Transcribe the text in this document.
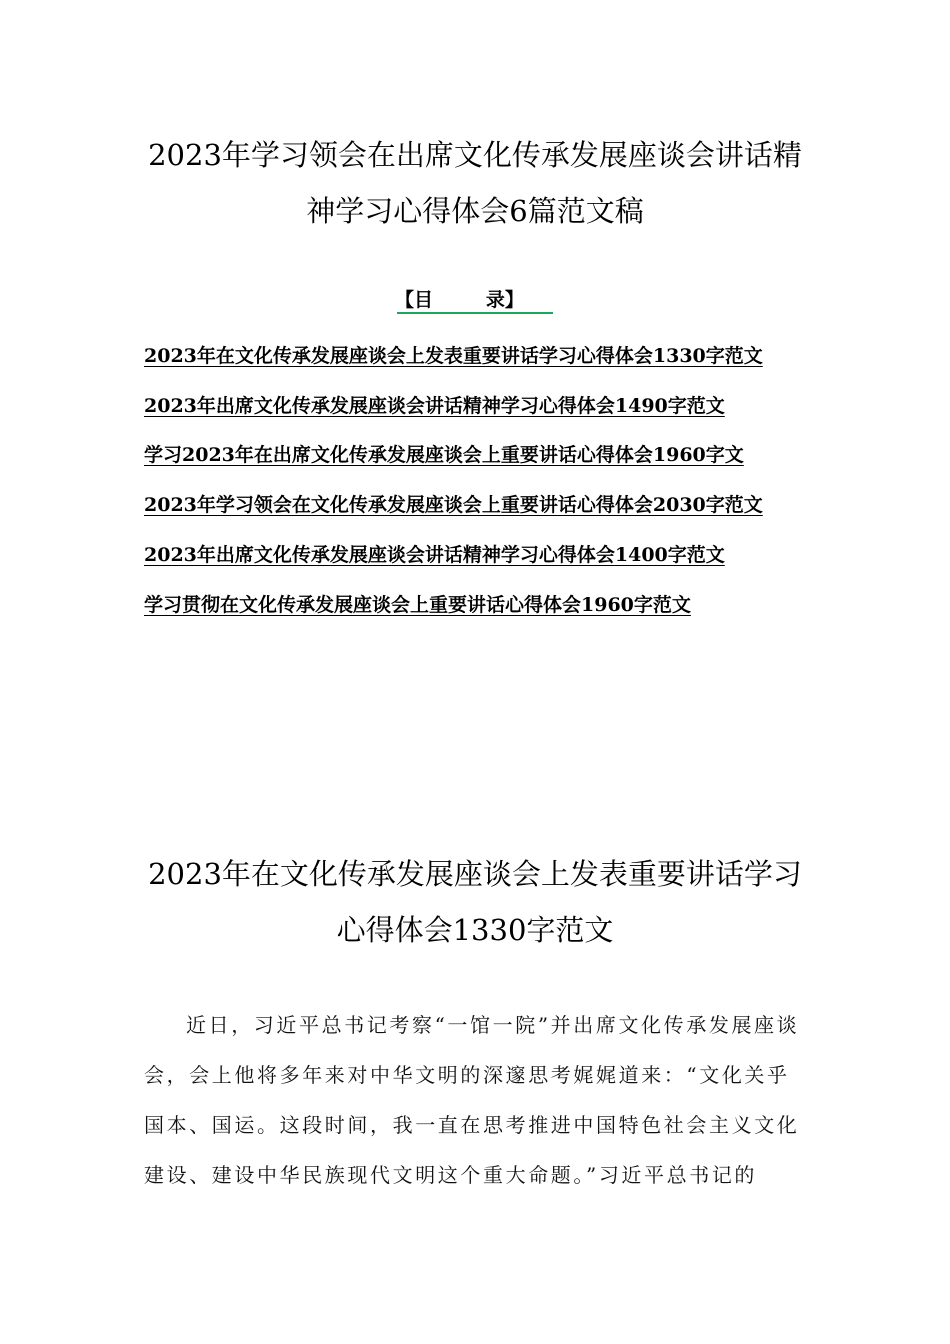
2023年学习领会在出席文化传承发展座谈会讲话精
神学习心得体会6篇范文稿
【目        录】
2023年在文化传承发展座谈会上发表重要讲话学习心得体会1330字范文
2023年出席文化传承发展座谈会讲话精神学习心得体会1490字范文
学习2023年在出席文化传承发展座谈会上重要讲话心得体会1960字文
2023年学习领会在文化传承发展座谈会上重要讲话心得体会2030字范文
2023年出席文化传承发展座谈会讲话精神学习心得体会1400字范文
学习贯彻在文化传承发展座谈会上重要讲话心得体会1960字范文
2023年在文化传承发展座谈会上发表重要讲话学习
心得体会1330字范文

近日，习近平总书记考察“一馆一院”并出席文化传承发展座谈会，会上他将多年来对中华文明的深邃思考娓娓道来：“文化关乎国本、国运。这段时间，我一直在思考推进中国特色社会主义文化建设、建设中华民族现代文明这个重大命题。”习近平总书记的
